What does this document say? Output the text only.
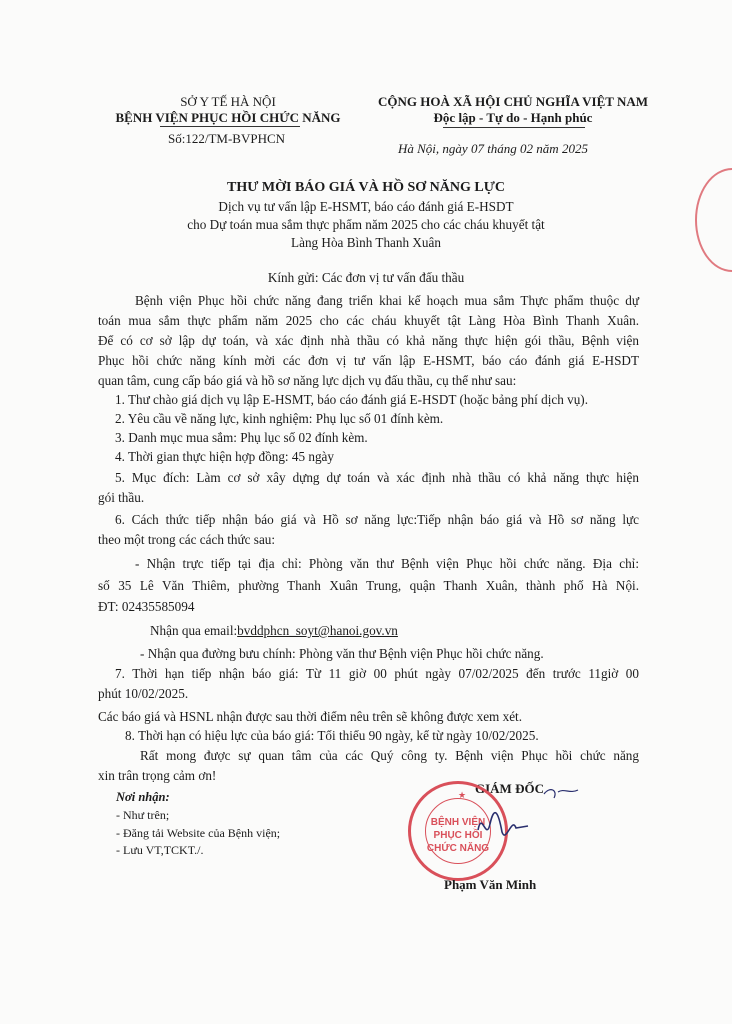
SỞ Y TẾ HÀ NỘI
BỆNH VIỆN PHỤC HỒI CHỨC NĂNG
Số:122/TM-BVPHCN
CỘNG HOÀ XÃ HỘI CHỦ NGHĨA VIỆT NAM
Độc lập - Tự do - Hạnh phúc
Hà Nội, ngày 07 tháng 02 năm 2025
THƯ MỜI BÁO GIÁ VÀ HỒ SƠ NĂNG LỰC
Dịch vụ tư vấn lập E-HSMT, báo cáo đánh giá E-HSDT
cho Dự toán mua sắm thực phẩm năm 2025 cho các cháu khuyết tật
Làng Hòa Bình Thanh Xuân
Kính gửi: Các đơn vị tư vấn đấu thầu
Bệnh viện Phục hồi chức năng đang triển khai kế hoạch mua sắm Thực phẩm thuộc dự
toán mua sắm thực phẩm năm 2025 cho các cháu khuyết tật Làng Hòa Bình Thanh Xuân.
Để có cơ sở lập dự toán, và xác định nhà thầu có khả năng thực hiện gói thầu, Bệnh viện
Phục hồi chức năng kính mời các đơn vị tư vấn lập E-HSMT, báo cáo đánh giá E-HSDT
quan tâm, cung cấp báo giá và hồ sơ năng lực dịch vụ đấu thầu, cụ thể như sau:
1. Thư chào giá dịch vụ lập E-HSMT, báo cáo đánh giá E-HSDT (hoặc bảng phí dịch vụ).
2. Yêu cầu về năng lực, kinh nghiệm: Phụ lục số 01 đính kèm.
3. Danh mục mua sắm: Phụ lục số 02 đính kèm.
4. Thời gian thực hiện hợp đồng: 45 ngày
5. Mục đích: Làm cơ sở xây dựng dự toán và xác định nhà thầu có khả năng thực hiện
gói thầu.
6. Cách thức tiếp nhận báo giá và Hồ sơ năng lực:Tiếp nhận báo giá và Hồ sơ năng lực
theo một trong các cách thức sau:
- Nhận trực tiếp tại địa chỉ: Phòng văn thư Bệnh viện Phục hồi chức năng. Địa chỉ:
số 35 Lê Văn Thiêm, phường Thanh Xuân Trung, quận Thanh Xuân, thành phố Hà Nội.
ĐT: 02435585094
Nhận qua email:bvddphcn_soyt@hanoi.gov.vn
- Nhận qua đường bưu chính: Phòng văn thư Bệnh viện Phục hồi chức năng.
7. Thời hạn tiếp nhận báo giá: Từ 11 giờ 00 phút ngày 07/02/2025 đến trước 11giờ 00
phút 10/02/2025.
Các báo giá và HSNL nhận được sau thời điểm nêu trên sẽ không được xem xét.
8. Thời hạn có hiệu lực của báo giá: Tối thiểu 90 ngày, kể từ ngày 10/02/2025.
Rất mong được sự quan tâm của các Quý công ty. Bệnh viện Phục hồi chức năng
xin trân trọng cảm ơn!
Nơi nhận:
- Như trên;
- Đăng tải Website của Bệnh viện;
- Lưu VT,TCKT./.
GIÁM ĐỐC
BỆNH VIỆN
PHỤC HỒI
CHỨC NĂNG
★
Phạm Văn Minh
